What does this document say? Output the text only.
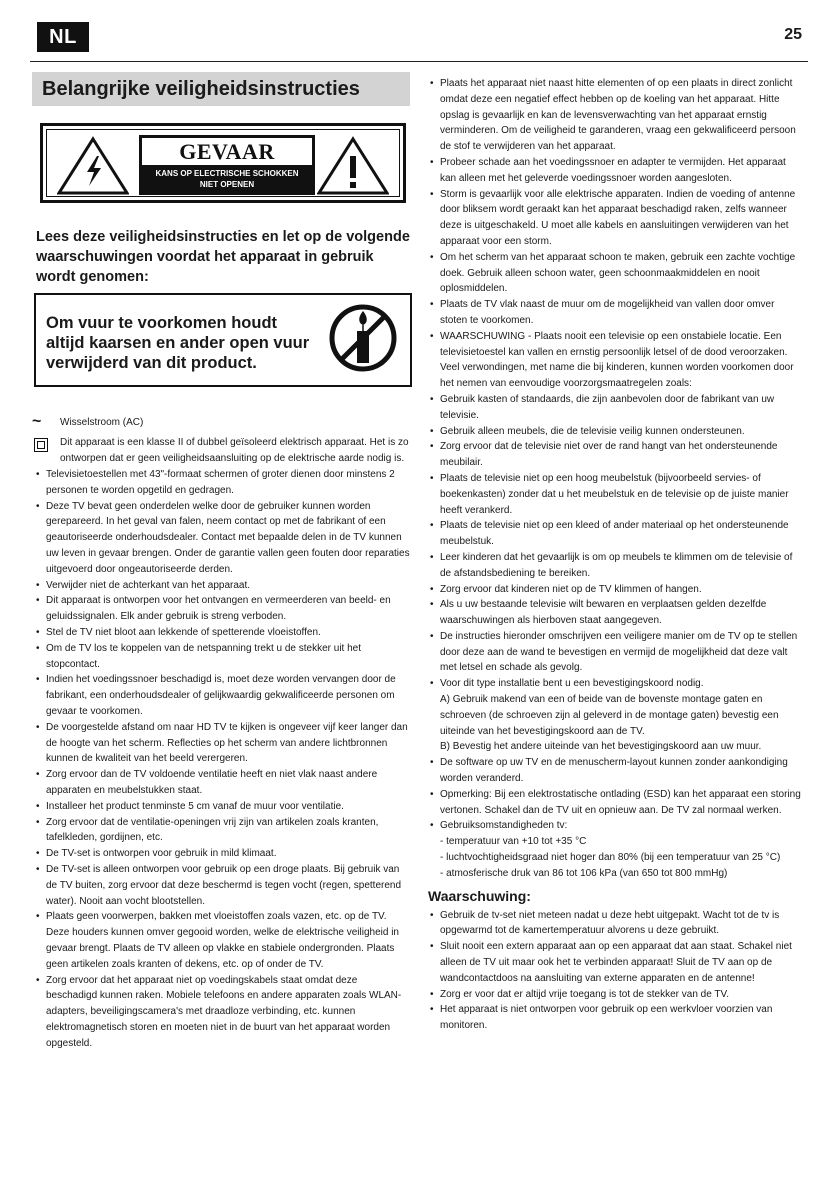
NL	25
Belangrijke veiligheidsinstructies
GEVAAR
KANS OP ELECTRISCHE SCHOKKEN
NIET OPENEN
Lees deze veiligheidsinstructies en let op de volgende waarschuwingen voordat het apparaat in gebruik wordt genomen:
Om vuur te voorkomen houdt altijd kaarsen en ander open vuur verwijderd van dit product.
~ Wisselstroom (AC)
Dit apparaat is een klasse II of dubbel geïsoleerd elektrisch apparaat. Het is zo ontworpen dat er geen veiligheidsaansluiting op de elektrische aarde nodig is.
• Televisietoestellen met 43"-formaat schermen of groter dienen door minstens 2 personen te worden opgetild en gedragen.
• Deze TV bevat geen onderdelen welke door de gebruiker kunnen worden gerepareerd. In het geval van falen, neem contact op met de fabrikant of een geautoriseerde onderhoudsdealer. Contact met bepaalde delen in de TV kunnen uw leven in gevaar brengen. Onder de garantie vallen geen fouten door reparaties uitgevoerd door ongeautoriseerde derden.
• Verwijder niet de achterkant van het apparaat.
• Dit apparaat is ontworpen voor het ontvangen en vermeerderen van beeld- en geluidssignalen. Elk ander gebruik is streng verboden.
• Stel de TV niet bloot aan lekkende of spetterende vloeistoffen.
• Om de TV los te koppelen van de netspanning trekt u de stekker uit het stopcontact.
• Indien het voedingssnoer beschadigd is, moet deze worden vervangen door de fabrikant, een onderhoudsdealer of gelijkwaardig gekwalificeerde personen om gevaar te voorkomen.
• De voorgestelde afstand om naar HD TV te kijken is ongeveer vijf keer langer dan de hoogte van het scherm. Reflecties op het scherm van andere lichtbronnen kunnen de kwaliteit van het beeld verergeren.
• Zorg ervoor dan de TV voldoende ventilatie heeft en niet vlak naast andere apparaten en meubelstukken staat.
• Installeer het product tenminste 5 cm vanaf de muur voor ventilatie.
• Zorg ervoor dat de ventilatie-openingen vrij zijn van artikelen zoals kranten, tafelkleden, gordijnen, etc.
• De TV-set is ontworpen voor gebruik in mild klimaat.
• De TV-set is alleen ontworpen voor gebruik op een droge plaats. Bij gebruik van de TV buiten, zorg ervoor dat deze beschermd is tegen vocht (regen, spetterend water). Nooit aan vocht blootstellen.
• Plaats geen voorwerpen, bakken met vloeistoffen zoals vazen, etc. op de TV. Deze houders kunnen omver gegooid worden, welke de elektrische veiligheid in gevaar brengt. Plaats de TV alleen op vlakke en stabiele ondergronden. Plaats geen artikelen zoals kranten of dekens, etc. op of onder de TV.
• Zorg ervoor dat het apparaat niet op voedingskabels staat omdat deze beschadigd kunnen raken. Mobiele telefoons en andere apparaten zoals WLAN-adapters, beveiligingscamera's met draadloze verbinding, etc. kunnen elektromagnetisch storen en moeten niet in de buurt van het apparaat worden opgesteld.
• Plaats het apparaat niet naast hitte elementen of op een plaats in direct zonlicht omdat deze een negatief effect hebben op de koeling van het apparaat. Hitte opslag is gevaarlijk en kan de levensverwachting van het apparaat ernstig verminderen. Om de veiligheid te garanderen, vraag een gekwalificeerd persoon de stof te verwijderen van het apparaat.
• Probeer schade aan het voedingssnoer en adapter te vermijden. Het apparaat kan alleen met het geleverde voedingssnoer worden aangesloten.
• Storm is gevaarlijk voor alle elektrische apparaten. Indien de voeding of antenne door bliksem wordt geraakt kan het apparaat beschadigd raken, zelfs wanneer deze is uitgeschakeld. U moet alle kabels en aansluitingen verwijderen van het apparaat voor een storm.
• Om het scherm van het apparaat schoon te maken, gebruik een zachte vochtige doek. Gebruik alleen schoon water, geen schoonmaakmiddelen en nooit oplosmiddelen.
• Plaats de TV vlak naast de muur om de mogelijkheid van vallen door omver stoten te voorkomen.
• WAARSCHUWING - Plaats nooit een televisie op een onstabiele locatie. Een televisietoestel kan vallen en ernstig persoonlijk letsel of de dood veroorzaken. Veel verwondingen, met name die bij kinderen, kunnen worden voorkomen door het nemen van eenvoudige voorzorgsmaatregelen zoals:
• Gebruik kasten of standaards, die zijn aanbevolen door de fabrikant van uw televisie.
• Gebruik alleen meubels, die de televisie veilig kunnen ondersteunen.
• Zorg ervoor dat de televisie niet over de rand hangt van het ondersteunende meubilair.
• Plaats de televisie niet op een hoog meubelstuk (bijvoorbeeld servies- of boekenkasten) zonder dat u het meubelstuk en de televisie op de juiste manier heeft verankerd.
• Plaats de televisie niet op een kleed of ander materiaal op het ondersteunende meubelstuk.
• Leer kinderen dat het gevaarlijk is om op meubels te klimmen om de televisie of de afstandsbediening te bereiken.
• Zorg ervoor dat kinderen niet op de TV klimmen of hangen.
• Als u uw bestaande televisie wilt bewaren en verplaatsen gelden dezelfde waarschuwingen als hierboven staat aangegeven.
• De instructies hieronder omschrijven een veiligere manier om de TV op te stellen door deze aan de wand te bevestigen en vermijd de mogelijkheid dat deze valt met letsel en schade als gevolg.
• Voor dit type installatie bent u een bevestigingskoord nodig.
A) Gebruik makend van een of beide van de bovenste montage gaten en schroeven (de schroeven zijn al geleverd in de montage gaten) bevestig een uiteinde van het bevestigingskoord aan de TV.
B) Bevestig het andere uiteinde van het bevestigingskoord aan uw muur.
• De software op uw TV en de menuscherm-layout kunnen zonder aankondiging worden veranderd.
• Opmerking: Bij een elektrostatische ontlading (ESD) kan het apparaat een storing vertonen. Schakel dan de TV uit en opnieuw aan. De TV zal normaal werken.
• Gebruiksomstandigheden tv:
- temperatuur van +10 tot +35 °C
- luchtvochtigheidsgraad niet hoger dan 80% (bij een temperatuur van 25 °C)
- atmosferische druk van 86 tot 106 kPa (van 650 tot 800 mmHg)
Waarschuwing:
• Gebruik de tv-set niet meteen nadat u deze hebt uitgepakt. Wacht tot de tv is opgewarmd tot de kamertemperatuur alvorens u deze gebruikt.
• Sluit nooit een extern apparaat aan op een apparaat dat aan staat. Schakel niet alleen de TV uit maar ook het te verbinden apparaat! Sluit de TV aan op de wandcontactdoos na aansluiting van externe apparaten en de antenne!
• Zorg er voor dat er altijd vrije toegang is tot de stekker van de TV.
• Het apparaat is niet ontworpen voor gebruik op een werkvloer voorzien van monitoren.
